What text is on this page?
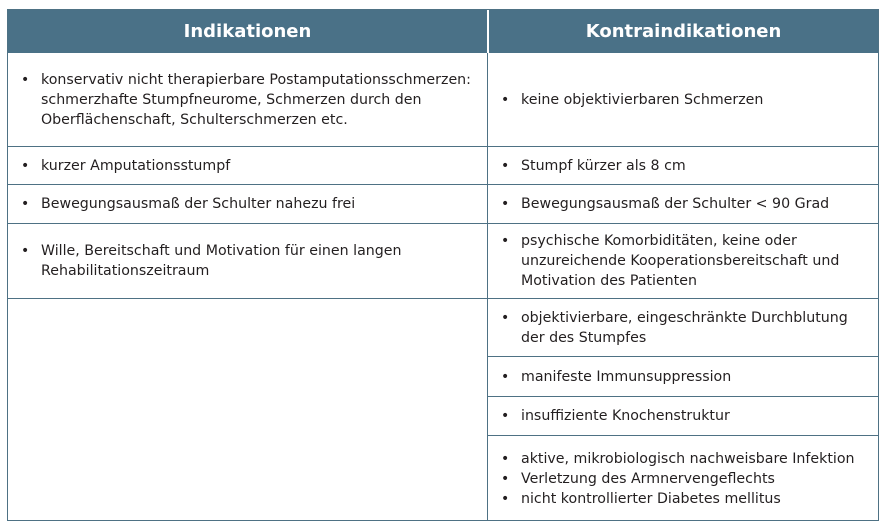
Indikationen	Kontraindikationen
• konservativ nicht therapierbare Postamputationsschmerzen: schmerzhafte Stumpfneurome, Schmerzen durch den Oberflächenschaft, Schulterschmerzen etc.
• kurzer Amputationsstumpf
• Bewegungsausmaß der Schulter nahezu frei
• Wille, Bereitschaft und Motivation für einen langen Rehabilitationszeitraum
• keine objektivierbaren Schmerzen
• Stumpf kürzer als 8 cm
• Bewegungsausmaß der Schulter < 90 Grad
• psychische Komorbiditäten, keine oder unzureichende Kooperationsbereitschaft und Motivation des Patienten
• objektivierbare, eingeschränkte Durchblutung der des Stumpfes
• manifeste Immunsuppression
• insuffiziente Knochenstruktur
• aktive, mikrobiologisch nachweisbare Infektion
• Verletzung des Armnervengeflechts
• nicht kontrollierter Diabetes mellitus
